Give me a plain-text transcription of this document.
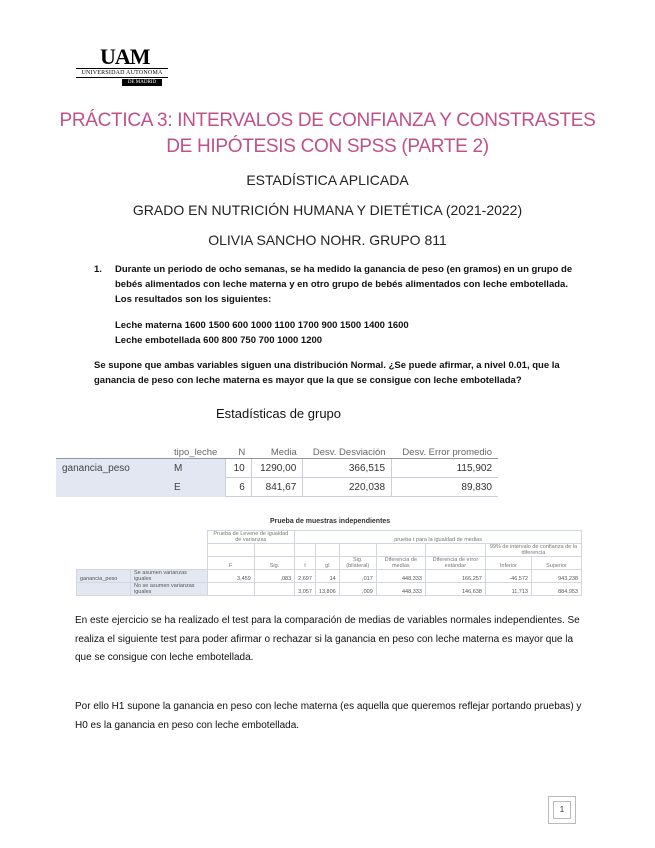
UAM
UNIVERSIDAD AUTONOMA
DE MADRID
PRÁCTICA 3: INTERVALOS DE CONFIANZA Y CONSTRASTES
DE HIPÓTESIS CON SPSS (PARTE 2)
ESTADÍSTICA APLICADA
GRADO EN NUTRICIÓN HUMANA Y DIETÉTICA (2021-2022)
OLIVIA SANCHO NOHR. GRUPO 811
1.	Durante un periodo de ocho semanas, se ha medido la ganancia de peso (en gramos) en un grupo de bebés alimentados con leche materna y en otro grupo de bebés alimentados con leche embotellada. Los resultados son los siguientes:
Leche materna 1600 1500 600 1000 1100 1700 900 1500 1400 1600
Leche embotellada 600 800 750 700 1000 1200
Se supone que ambas variables siguen una distribución Normal. ¿Se puede afirmar, a nivel 0.01, que la ganancia de peso con leche materna es mayor que la que se consigue con leche embotellada?
Estadísticas de grupo
	tipo_leche	N	Media	Desv. Desviación	Desv. Error promedio
ganancia_peso	M	10	1290,00	366,515	115,902
	E	6	841,67	220,038	89,830
Prueba de muestras independientes
		Prueba de Levene de igualdad de varianzas		prueba t para la igualdad de medias						
									99% de intervalo de confianza de la diferencia	
		F	Sig.	t	gl	Sig. (bilateral)	Diferencia de medias	Diferencia de error estándar	Inferior	Superior
ganancia_peso	Se asumen varianzas iguales	3,459	,083	2,697	14	,017	448,333	166,257	-46,572	943,238
	No se asumen varianzas iguales			3,057	13,806	,009	448,333	146,638	11,713	884,953
En este ejercicio se ha realizado el test para la comparación de medias de variables normales independientes. Se realiza el siguiente test para poder afirmar o rechazar si la ganancia en peso con leche materna es mayor que la que se consigue con leche embotellada.
Por ello H1 supone la ganancia en peso con leche materna (es aquella que queremos reflejar portando pruebas) y H0 es la ganancia en peso con leche embotellada.
1
